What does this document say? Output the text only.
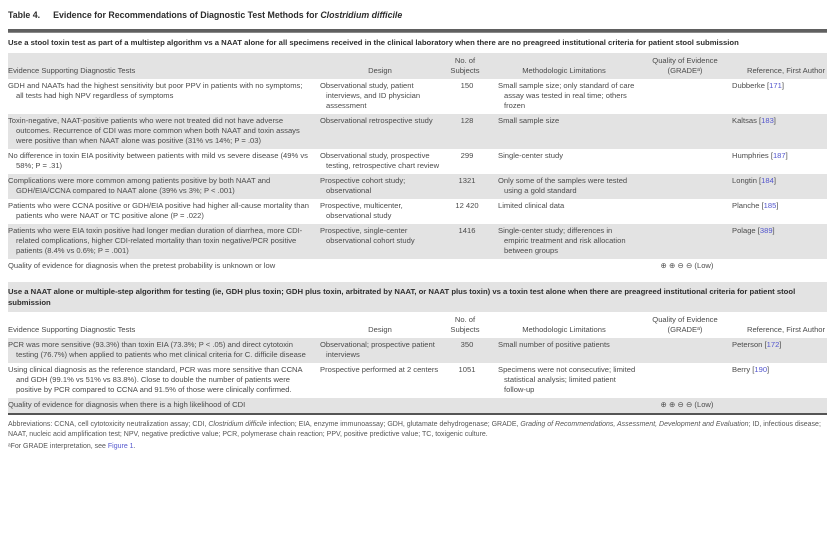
Table 4. Evidence for Recommendations of Diagnostic Test Methods for Clostridium difficile
Use a stool toxin test as part of a multistep algorithm vs a NAAT alone for all specimens received in the clinical laboratory when there are no preagreed institutional criteria for patient stool submission					
Evidence Supporting Diagnostic Tests	Design	No. of Subjects	Methodologic Limitations	Quality of Evidence (GRADEᵃ)	Reference, First Author
GDH and NAATs had the highest sensitivity but poor PPV in patients with no symptoms; all tests had high NPV regardless of symptoms	Observational study, patient interviews, and ID physician assessment	150	Small sample size; only standard of care assay was tested in real time; others frozen		Dubberke [171]
Toxin-negative, NAAT-positive patients who were not treated did not have adverse outcomes. Recurrence of CDI was more common when both NAAT and toxin assays were positive than when NAAT alone was positive (31% vs 14%; P = .03)	Observational retrospective study	128	Small sample size		Kaltsas [183]
No difference in toxin EIA positivity between patients with mild vs severe disease (49% vs 58%; P = .31)	Observational study, prospective testing, retrospective chart review	299	Single-center study		Humphries [187]
Complications were more common among patients positive by both NAAT and GDH/EIA/CCNA compared to NAAT alone (39% vs 3%; P < .001)	Prospective cohort study; observational	1321	Only some of the samples were tested using a gold standard		Longtin [184]
Patients who were CCNA positive or GDH/EIA positive had higher all-cause mortality than patients who were NAAT or TC positive alone (P = .022)	Prospective, multicenter, observational study	12 420	Limited clinical data		Planche [185]
Patients who were EIA toxin positive had longer median duration of diarrhea, more CDI-related complications, higher CDI-related mortality than toxin negative/PCR positive patients (8.4% vs 0.6%; P = .001)	Prospective, single-center observational cohort study	1416	Single-center study; differences in empiric treatment and risk allocation between groups		Polage [389]
Quality of evidence for diagnosis when the pretest probability is unknown or low				⊕ ⊕ ⊖ ⊖ (Low)	

Use a NAAT alone or multiple-step algorithm for testing (ie, GDH plus toxin; GDH plus toxin, arbitrated by NAAT, or NAAT plus toxin) vs a toxin test alone when there are preagreed institutional criteria for patient stool submission					
Evidence Supporting Diagnostic Tests	Design	No. of Subjects	Methodologic Limitations	Quality of Evidence (GRADEᵃ)	Reference, First Author
PCR was more sensitive (93.3%) than toxin EIA (73.3%; P < .05) and direct cytotoxin testing (76.7%) when applied to patients who met clinical criteria for C. difficile disease	Observational; prospective patient interviews	350	Small number of positive patients		Peterson [172]
Using clinical diagnosis as the reference standard, PCR was more sensitive than CCNA and GDH (99.1% vs 51% vs 83.8%). Close to double the number of patients were positive by PCR compared to CCNA and 91.5% of those were clinically confirmed.	Prospective performed at 2 centers	1051	Specimens were not consecutive; limited statistical analysis; limited patient follow-up		Berry [190]
Quality of evidence for diagnosis when there is a high likelihood of CDI				⊕ ⊕ ⊖ ⊖ (Low)	
Abbreviations: CCNA, cell cytotoxicity neutralization assay; CDI, Clostridium difficile infection; EIA, enzyme immunoassay; GDH, glutamate dehydrogenase; GRADE, Grading of Recommendations, Assessment, Development and Evaluation; ID, infectious disease; NAAT, nucleic acid amplification test; NPV, negative predictive value; PCR, polymerase chain reaction; PPV, positive predictive value; TC, toxigenic culture.
ᵃFor GRADE interpretation, see Figure 1.
